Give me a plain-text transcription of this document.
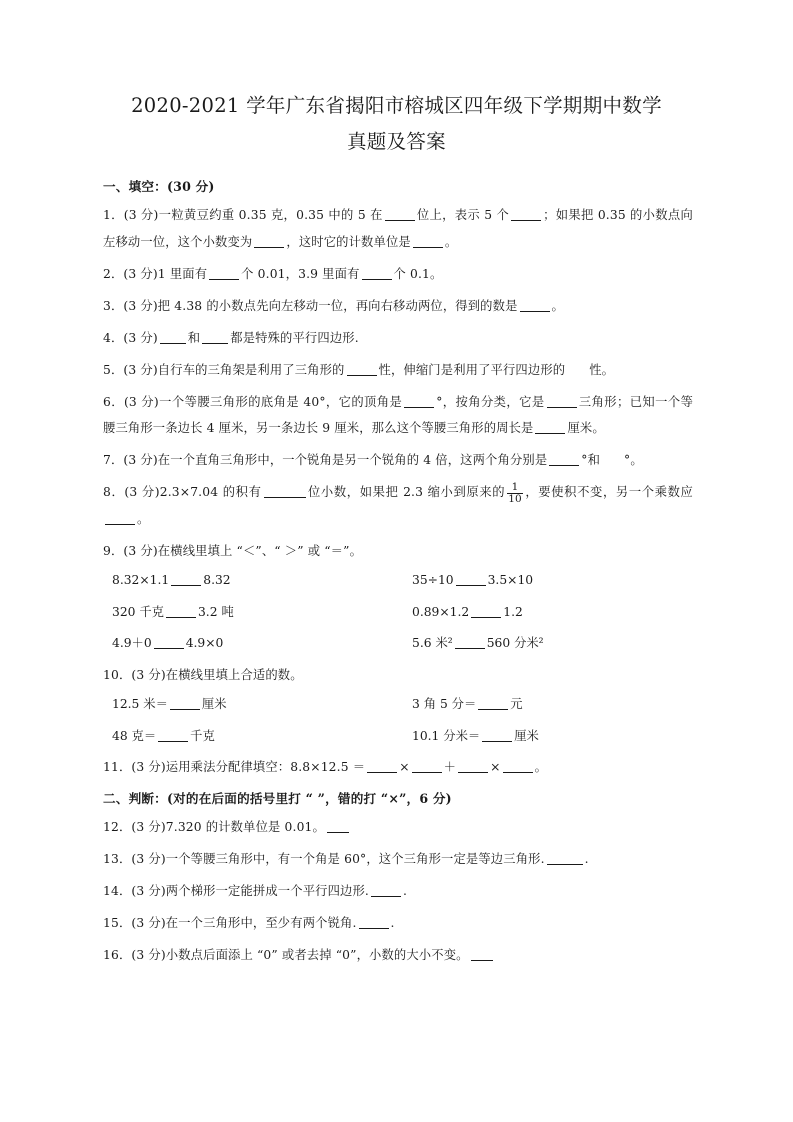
2020-2021 学年广东省揭阳市榕城区四年级下学期期中数学
真题及答案

一、填空：(30 分)

1．(3 分)一粒黄豆约重 0.35 克，0.35 中的 5 在	位上，表示 5 个	；如果把 0.35 的小数点向左移动一位，这个小数变为	，这时它的计数单位是	。

2．(3 分)1 里面有	个 0.01，3.9 里面有	个 0.1。

3．(3 分)把 4.38 的小数点先向左移动一位，再向右移动两位，得到的数是	。

4．(3 分) 和 都是特殊的平行四边形.

5．(3 分)自行车的三角架是利用了三角形的	性，伸缩门是利用了平行四边形的 性。

6．(3 分)一个等腰三角形的底角是 40°，它的顶角是	°，按角分类，它是	三角形；已知一个等腰三角形一条边长 4 厘米，另一条边长 9 厘米，那么这个等腰三角形的周长是	厘米。

7．(3 分)在一个直角三角形中，一个锐角是另一个锐角的 4 倍，这两个角分别是	°和 °。

8．(3 分)2.3×7.04 的积有	位小数，如果把 2.3 缩小到原来的 $\frac{1}{10}$ ，要使积不变，另一个乘数应。

9．(3 分)在横线里填上 “＜”、“ ＞” 或 “＝”。

8.32×1.1	8.32	35÷10	3.5×10
320 千克	3.2 吨	0.89×1.2	1.2
4.9＋0	4.9×0	5.6 米²	560 分米²

10．(3 分)在横线里填上合适的数。

12.5 米＝	厘米	3 角 5 分＝	元
48 克＝	千克	10.1 分米＝	厘米

11．(3 分)运用乘法分配律填空：8.8×12.5 ＝	×	＋	×	。

二、判断：(对的在后面的括号里打 “ ”，错的打 “×”，6 分)

12．(3 分)7.320 的计数单位是 0.01。

13．(3 分)一个等腰三角形中，有一个角是 60°，这个三角形一定是等边三角形.	.

14．(3 分)两个梯形一定能拼成一个平行四边形.	.

15．(3 分)在一个三角形中，至少有两个锐角.	.

16．(3 分)小数点后面添上 “0” 或者去掉 “0”，小数的大小不变。
